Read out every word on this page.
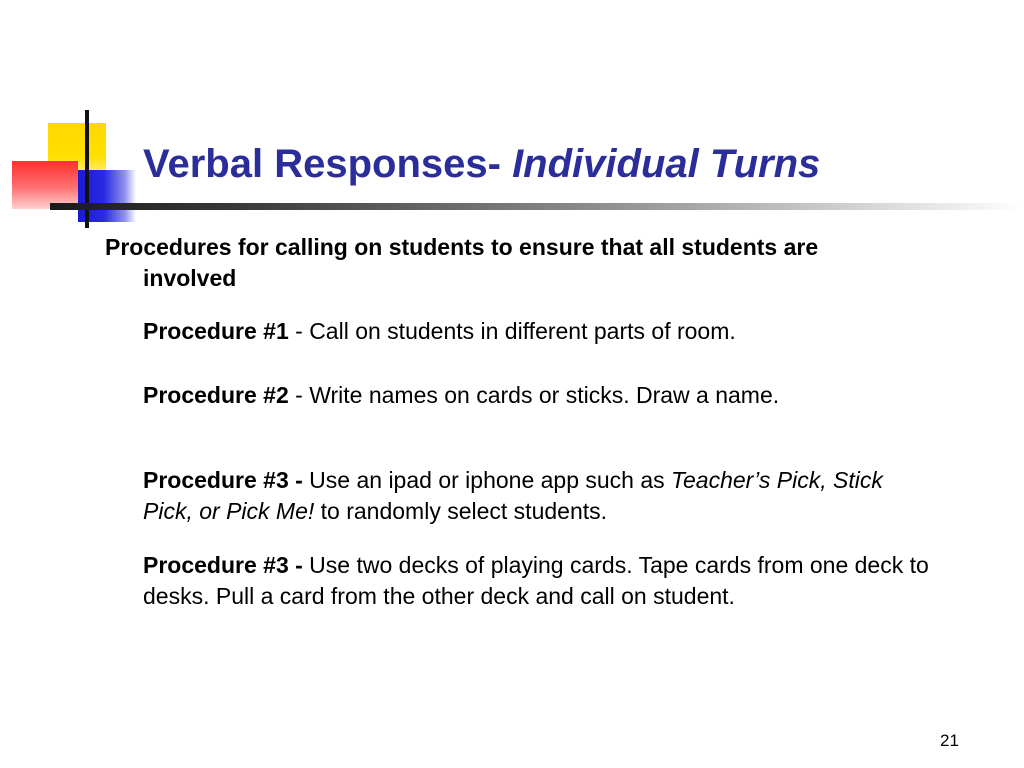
Verbal Responses- Individual Turns
Procedures for calling on students to ensure that all students are involved
Procedure #1 - Call on students in different parts of room.
Procedure #2 - Write names on cards or sticks. Draw a name.
Procedure #3 - Use an ipad or iphone app such as Teacher’s Pick, Stick Pick, or Pick Me! to randomly select students.
Procedure #3 - Use two decks of playing cards. Tape cards from one deck to desks. Pull a card from the other deck and call on student.
21
